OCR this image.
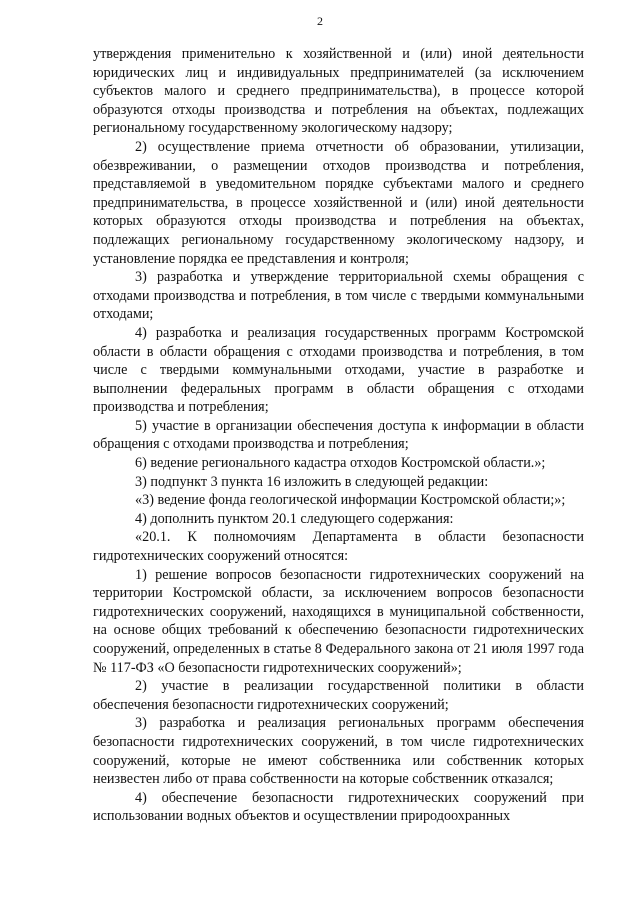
2

утверждения применительно к хозяйственной и (или) иной деятельности юридических лиц и индивидуальных предпринимателей (за исключением субъектов малого и среднего предпринимательства), в процессе которой образуются отходы производства и потребления на объектах, подлежащих региональному государственному экологическому надзору;

2) осуществление приема отчетности об образовании, утилизации, обезвреживании, о размещении отходов производства и потребления, представляемой в уведомительном порядке субъектами малого и среднего предпринимательства, в процессе хозяйственной и (или) иной деятельности которых образуются отходы производства и потребления на объектах, подлежащих региональному государственному экологическому надзору, и установление порядка ее представления и контроля;

3) разработка и утверждение территориальной схемы обращения с отходами производства и потребления, в том числе с твердыми коммунальными отходами;

4) разработка и реализация государственных программ Костромской области в области обращения с отходами производства и потребления, в том числе с твердыми коммунальными отходами, участие в разработке и выполнении федеральных программ в области обращения с отходами производства и потребления;

5) участие в организации обеспечения доступа к информации в области обращения с отходами производства и потребления;

6) ведение регионального кадастра отходов Костромской области.»;

3) подпункт 3 пункта 16 изложить в следующей редакции:

«3) ведение фонда геологической информации Костромской области;»;

4) дополнить пунктом 20.1 следующего содержания:

«20.1. К полномочиям Департамента в области безопасности гидротехнических сооружений относятся:

1) решение вопросов безопасности гидротехнических сооружений на территории Костромской области, за исключением вопросов безопасности гидротехнических сооружений, находящихся в муниципальной собственности, на основе общих требований к обеспечению безопасности гидротехнических сооружений, определенных в статье 8 Федерального закона от 21 июля 1997 года № 117-ФЗ «О безопасности гидротехнических сооружений»;

2) участие в реализации государственной политики в области обеспечения безопасности гидротехнических сооружений;

3) разработка и реализация региональных программ обеспечения безопасности гидротехнических сооружений, в том числе гидротехнических сооружений, которые не имеют собственника или собственник которых неизвестен либо от права собственности на которые собственник отказался;

4) обеспечение безопасности гидротехнических сооружений при использовании водных объектов и осуществлении природоохранных
